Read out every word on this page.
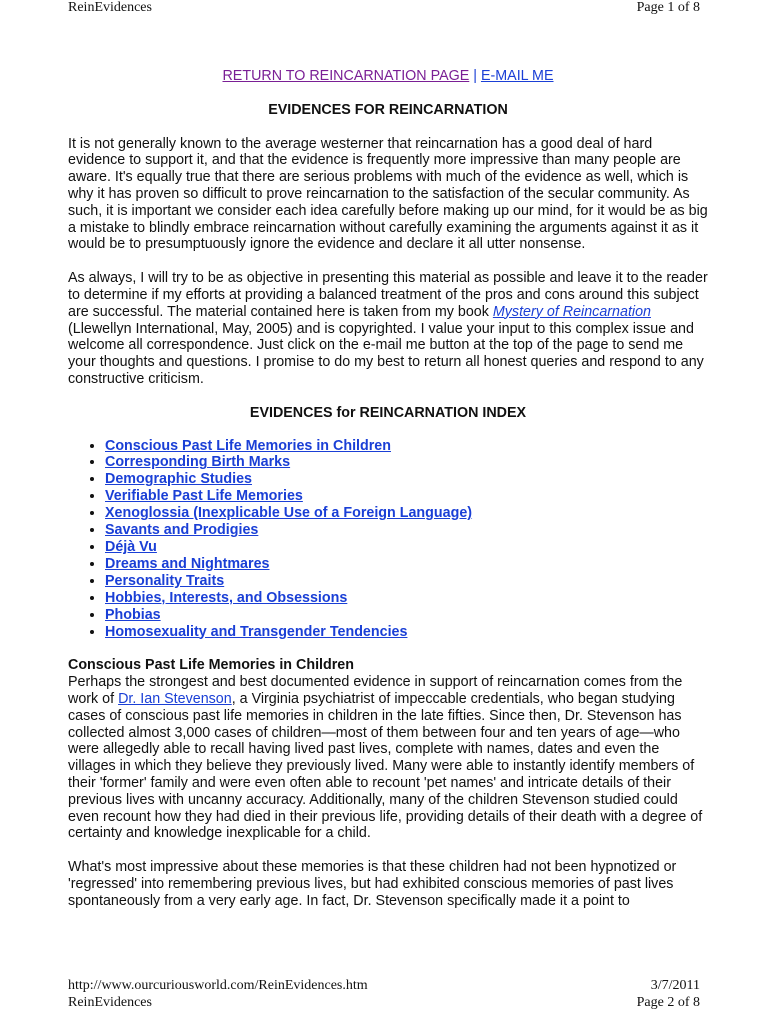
ReinEvidences	Page 1 of 8
RETURN TO REINCARNATION PAGE | E-MAIL ME
EVIDENCES FOR REINCARNATION

It is not generally known to the average westerner that reincarnation has a good deal of hard evidence to support it, and that the evidence is frequently more impressive than many people are aware. It's equally true that there are serious problems with much of the evidence as well, which is why it has proven so difficult to prove reincarnation to the satisfaction of the secular community. As such, it is important we consider each idea carefully before making up our mind, for it would be as big a mistake to blindly embrace reincarnation without carefully examining the arguments against it as it would be to presumptuously ignore the evidence and declare it all utter nonsense.

As always, I will try to be as objective in presenting this material as possible and leave it to the reader to determine if my efforts at providing a balanced treatment of the pros and cons around this subject are successful. The material contained here is taken from my book Mystery of Reincarnation (Llewellyn International, May, 2005) and is copyrighted. I value your input to this complex issue and welcome all correspondence. Just click on the e-mail me button at the top of the page to send me your thoughts and questions. I promise to do my best to return all honest queries and respond to any constructive criticism.

EVIDENCES for REINCARNATION INDEX
• Conscious Past Life Memories in Children
• Corresponding Birth Marks
• Demographic Studies
• Verifiable Past Life Memories
• Xenoglossia (Inexplicable Use of a Foreign Language)
• Savants and Prodigies
• Déjà Vu
• Dreams and Nightmares
• Personality Traits
• Hobbies, Interests, and Obsessions
• Phobias
• Homosexuality and Transgender Tendencies
Conscious Past Life Memories in Children

Perhaps the strongest and best documented evidence in support of reincarnation comes from the work of Dr. Ian Stevenson, a Virginia psychiatrist of impeccable credentials, who began studying cases of conscious past life memories in children in the late fifties. Since then, Dr. Stevenson has collected almost 3,000 cases of children—most of them between four and ten years of age—who were allegedly able to recall having lived past lives, complete with names, dates and even the villages in which they believe they previously lived. Many were able to instantly identify members of their 'former' family and were even often able to recount 'pet names' and intricate details of their previous lives with uncanny accuracy. Additionally, many of the children Stevenson studied could even recount how they had died in their previous life, providing details of their death with a degree of certainty and knowledge inexplicable for a child.

What's most impressive about these memories is that these children had not been hypnotized or 'regressed' into remembering previous lives, but had exhibited conscious memories of past lives spontaneously from a very early age. In fact, Dr. Stevenson specifically made it a point to

http://www.ourcuriousworld.com/ReinEvidences.htm	3/7/2011
ReinEvidences	Page 2 of 8
